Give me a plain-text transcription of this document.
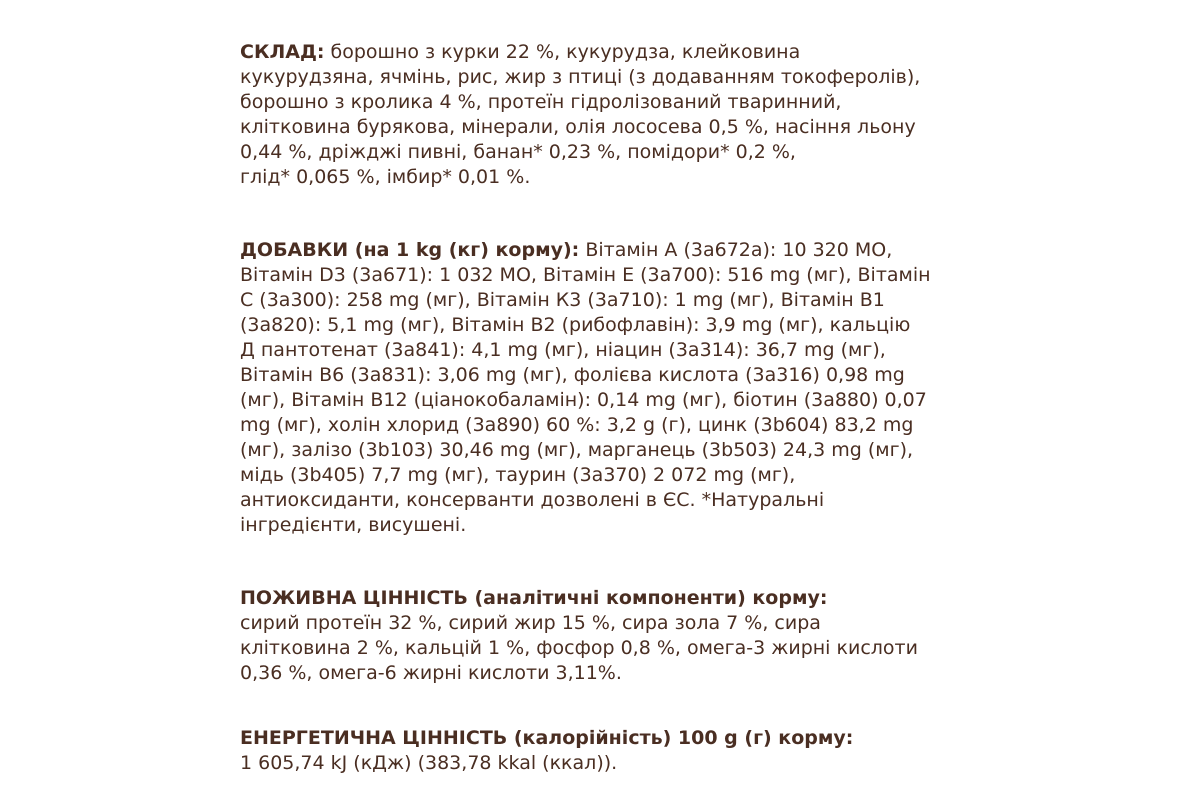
СКЛАД: борошно з курки 22 %, кукурудза, клейковина
кукурудзяна, ячмінь, рис, жир з птиці (з додаванням токоферолів),
борошно з кролика 4 %, протеїн гідролізований тваринний,
клітковина бурякова, мінерали, олія лососева 0,5 %, насіння льону
0,44 %, дріжджі пивні, банан* 0,23 %, помідори* 0,2 %,
глід* 0,065 %, імбир* 0,01 %.
ДОБАВКИ (на 1 kg (кг) корму): Вітамін А (3а672а): 10 320 МО,
Вітамін D3 (3а671): 1 032 МО, Вітамін Е (3а700): 516 mg (мг), Вітамін
С (3а300): 258 mg (мг), Вітамін К3 (3а710): 1 mg (мг), Вітамін В1
(3а820): 5,1 mg (мг), Вітамін В2 (рибофлавін): 3,9 mg (мг), кальцію
Д пантотенат (3а841): 4,1 mg (мг), ніацин (3а314): 36,7 mg (мг),
Вітамін В6 (3а831): 3,06 mg (мг), фолієва кислота (3а316) 0,98 mg
(мг), Вітамін В12 (ціанокобаламін): 0,14 mg (мг), біотин (3а880) 0,07
mg (мг), холін хлорид (3а890) 60 %: 3,2 g (г), цинк (3b604) 83,2 mg
(мг), залізо (3b103) 30,46 mg (мг), марганець (3b503) 24,3 mg (мг),
мідь (3b405) 7,7 mg (мг), таурин (3а370) 2 072 mg (мг),
антиоксиданти, консерванти дозволені в ЄС. *Натуральні
інгредієнти, висушені.
ПОЖИВНА ЦІННІСТЬ (аналітичні компоненти) корму:
сирий протеїн 32 %, сирий жир 15 %, сира зола 7 %, сира
клітковина 2 %, кальцій 1 %, фосфор 0,8 %, омега-3 жирні кислоти
0,36 %, омега-6 жирні кислоти 3,11%.
ЕНЕРГЕТИЧНА ЦІННІСТЬ (калорійність) 100 g (г) корму:
1 605,74 kJ (кДж) (383,78 kkal (ккал)).
